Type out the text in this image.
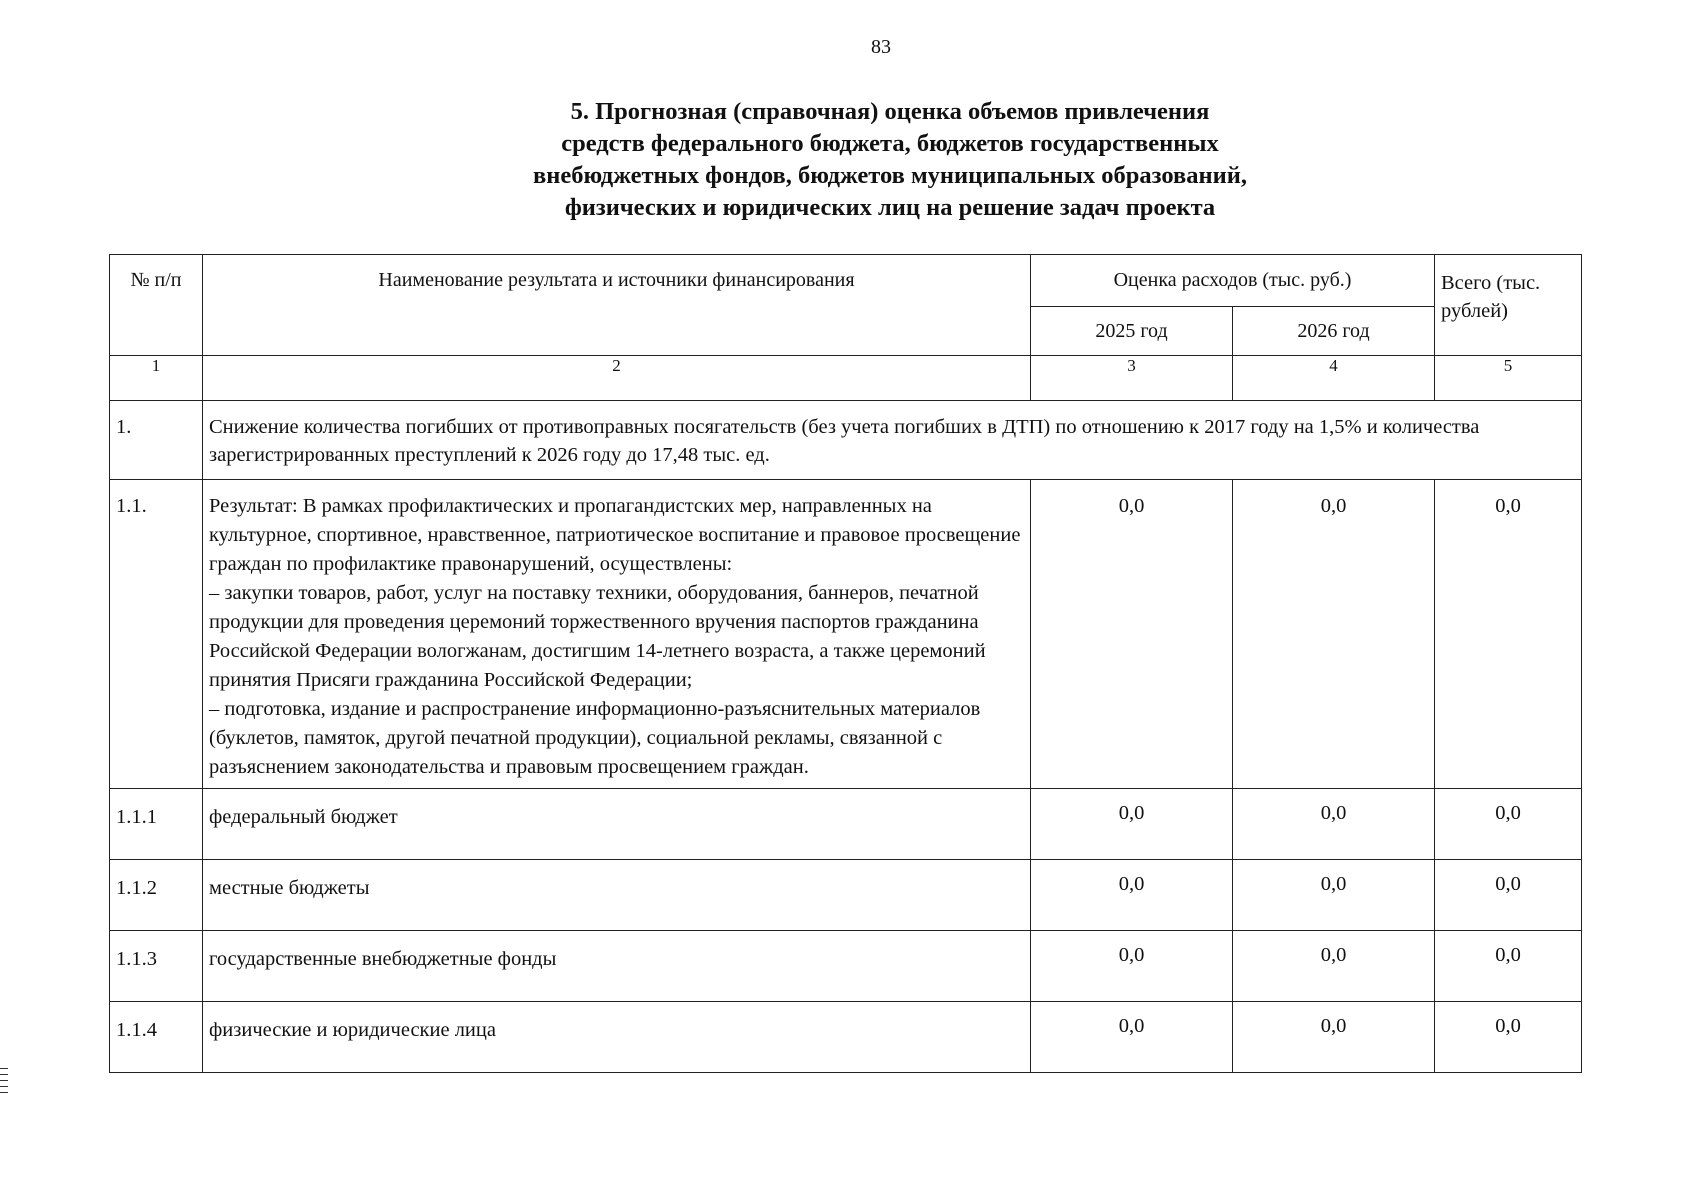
83
5. Прогнозная (справочная) оценка объемов привлечения
средств федерального бюджета, бюджетов государственных
внебюджетных фондов, бюджетов муниципальных образований,
физических и юридических лиц на решение задач проекта
№ п/п	Наименование результата и источники финансирования	Оценка расходов (тыс. руб.)		Всего (тыс. рублей)
		2025 год	2026 год	
1	2	3	4	5
1.	Снижение количества погибших от противоправных посягательств (без учета погибших в ДТП) по отношению к 2017 году на 1,5% и количества зарегистрированных преступлений к 2026 году до 17,48 тыс. ед.			
1.1.	Результат: В рамках профилактических и пропагандистских мер, направленных на культурное, спортивное, нравственное, патриотическое воспитание и правовое просвещение граждан по профилактике правонарушений, осуществлены:
– закупки товаров, работ, услуг на поставку техники, оборудования, баннеров, печатной продукции для проведения церемоний торжественного вручения паспортов гражданина Российской Федерации вологжанам, достигшим 14-летнего возраста, а также церемоний принятия Присяги гражданина Российской Федерации;
– подготовка, издание и распространение информационно-разъяснительных материалов (буклетов, памяток, другой печатной продукции), социальной рекламы, связанной с разъяснением законодательства и правовым просвещением граждан.	0,0	0,0	0,0
1.1.1	федеральный бюджет	0,0	0,0	0,0
1.1.2	местные бюджеты	0,0	0,0	0,0
1.1.3	государственные внебюджетные фонды	0,0	0,0	0,0
1.1.4	физические и юридические лица	0,0	0,0	0,0
